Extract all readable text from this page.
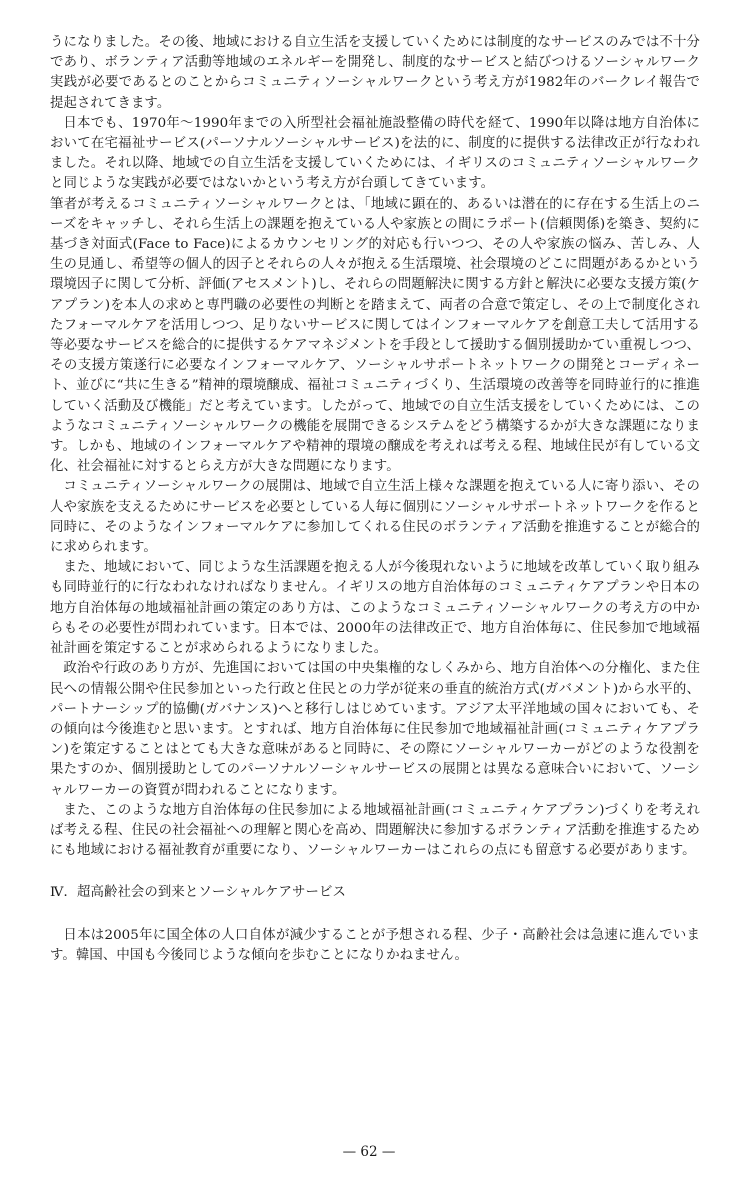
うになりました。その後、地域における自立生活を支援していくためには制度的なサービスのみでは不十分であり、ボランティア活動等地域のエネルギーを開発し、制度的なサービスと結びつけるソーシャルワーク実践が必要であるとのことからコミュニティソーシャルワークという考え方が1982年のバークレイ報告で提起されてきます。

日本でも、1970年〜1990年までの入所型社会福祉施設整備の時代を経て、1990年以降は地方自治体において在宅福祉サービス(パーソナルソーシャルサービス)を法的に、制度的に提供する法律改正が行なわれました。それ以降、地域での自立生活を支援していくためには、イギリスのコミュニティソーシャルワークと同じような実践が必要ではないかという考え方が台頭してきています。

筆者が考えるコミュニティソーシャルワークとは、「地域に顕在的、あるいは潜在的に存在する生活上のニーズをキャッチし、それら生活上の課題を抱えている人や家族との間にラポート(信頼関係)を築き、契約に基づき対面式(Face to Face)によるカウンセリング的対応も行いつつ、その人や家族の悩み、苦しみ、人生の見通し、希望等の個人的因子とそれらの人々が抱える生活環境、社会環境のどこに問題があるかという環境因子に関して分析、評価(アセスメント)し、それらの問題解決に関する方針と解決に必要な支援方策(ケアプラン)を本人の求めと専門職の必要性の判断とを踏まえて、両者の合意で策定し、その上で制度化されたフォーマルケアを活用しつつ、足りないサービスに関してはインフォーマルケアを創意工夫して活用する等必要なサービスを総合的に提供するケアマネジメントを手段として援助する個別援助かてい重視しつつ、その支援方策遂行に必要なインフォーマルケア、ソーシャルサポートネットワークの開発とコーディネート、並びに“共に生きる”精神的環境醸成、福祉コミュニティづくり、生活環境の改善等を同時並行的に推進していく活動及び機能」だと考えています。したがって、地域での自立生活支援をしていくためには、このようなコミュニティソーシャルワークの機能を展開できるシステムをどう構築するかが大きな課題になります。しかも、地域のインフォーマルケアや精神的環境の醸成を考えれば考える程、地域住民が有している文化、社会福祉に対するとらえ方が大きな問題になります。

コミュニティソーシャルワークの展開は、地域で自立生活上様々な課題を抱えている人に寄り添い、その人や家族を支えるためにサービスを必要としている人毎に個別にソーシャルサポートネットワークを作ると同時に、そのようなインフォーマルケアに参加してくれる住民のボランティア活動を推進することが総合的に求められます。

また、地域において、同じような生活課題を抱える人が今後現れないように地域を改革していく取り組みも同時並行的に行なわれなければなりません。イギリスの地方自治体毎のコミュニティケアプランや日本の地方自治体毎の地域福祉計画の策定のあり方は、このようなコミュニティソーシャルワークの考え方の中からもその必要性が問われています。日本では、2000年の法律改正で、地方自治体毎に、住民参加で地域福祉計画を策定することが求められるようになりました。

政治や行政のあり方が、先進国においては国の中央集権的なしくみから、地方自治体への分権化、また住民への情報公開や住民参加といった行政と住民との力学が従来の垂直的統治方式(ガバメント)から水平的、パートナーシップ的協働(ガバナンス)へと移行しはじめています。アジア太平洋地域の国々においても、その傾向は今後進むと思います。とすれば、地方自治体毎に住民参加で地域福祉計画(コミュニティケアプラン)を策定することはとても大きな意味があると同時に、その際にソーシャルワーカーがどのような役割を果たすのか、個別援助としてのパーソナルソーシャルサービスの展開とは異なる意味合いにおいて、ソーシャルワーカーの資質が問われることになります。

また、このような地方自治体毎の住民参加による地域福祉計画(コミュニティケアプラン)づくりを考えれば考える程、住民の社会福祉への理解と関心を高め、問題解決に参加するボランティア活動を推進するためにも地域における福祉教育が重要になり、ソーシャルワーカーはこれらの点にも留意する必要があります。

Ⅳ．超高齢社会の到来とソーシャルケアサービス

日本は2005年に国全体の人口自体が減少することが予想される程、少子・高齢社会は急速に進んでいます。韓国、中国も今後同じような傾向を歩むことになりかねません。

— 62 —
